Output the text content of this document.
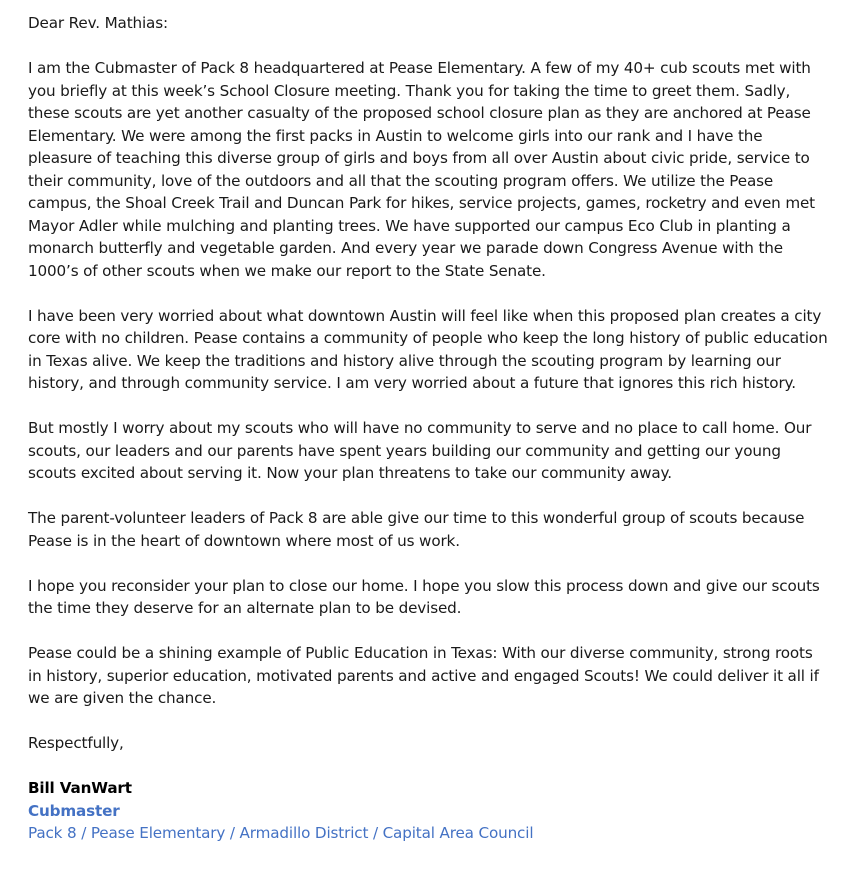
Dear Rev. Mathias:

I am the Cubmaster of Pack 8 headquartered at Pease Elementary. A few of my 40+ cub scouts met with you briefly at this week’s School Closure meeting. Thank you for taking the time to greet them. Sadly, these scouts are yet another casualty of the proposed school closure plan as they are anchored at Pease Elementary. We were among the first packs in Austin to welcome girls into our rank and I have the pleasure of teaching this diverse group of girls and boys from all over Austin about civic pride, service to their community, love of the outdoors and all that the scouting program offers. We utilize the Pease campus, the Shoal Creek Trail and Duncan Park for hikes, service projects, games, rocketry and even met Mayor Adler while mulching and planting trees. We have supported our campus Eco Club in planting a monarch butterfly and vegetable garden. And every year we parade down Congress Avenue with the 1000’s of other scouts when we make our report to the State Senate.

I have been very worried about what downtown Austin will feel like when this proposed plan creates a city core with no children. Pease contains a community of people who keep the long history of public education in Texas alive. We keep the traditions and history alive through the scouting program by learning our history, and through community service. I am very worried about a future that ignores this rich history.

But mostly I worry about my scouts who will have no community to serve and no place to call home. Our scouts, our leaders and our parents have spent years building our community and getting our young scouts excited about serving it. Now your plan threatens to take our community away.

The parent-volunteer leaders of Pack 8 are able give our time to this wonderful group of scouts because Pease is in the heart of downtown where most of us work.

I hope you reconsider your plan to close our home. I hope you slow this process down and give our scouts the time they deserve for an alternate plan to be devised.

Pease could be a shining example of Public Education in Texas: With our diverse community, strong roots in history, superior education, motivated parents and active and engaged Scouts! We could deliver it all if we are given the chance.

Respectfully,

Bill VanWart
Cubmaster
Pack 8 / Pease Elementary / Armadillo District / Capital Area Council
